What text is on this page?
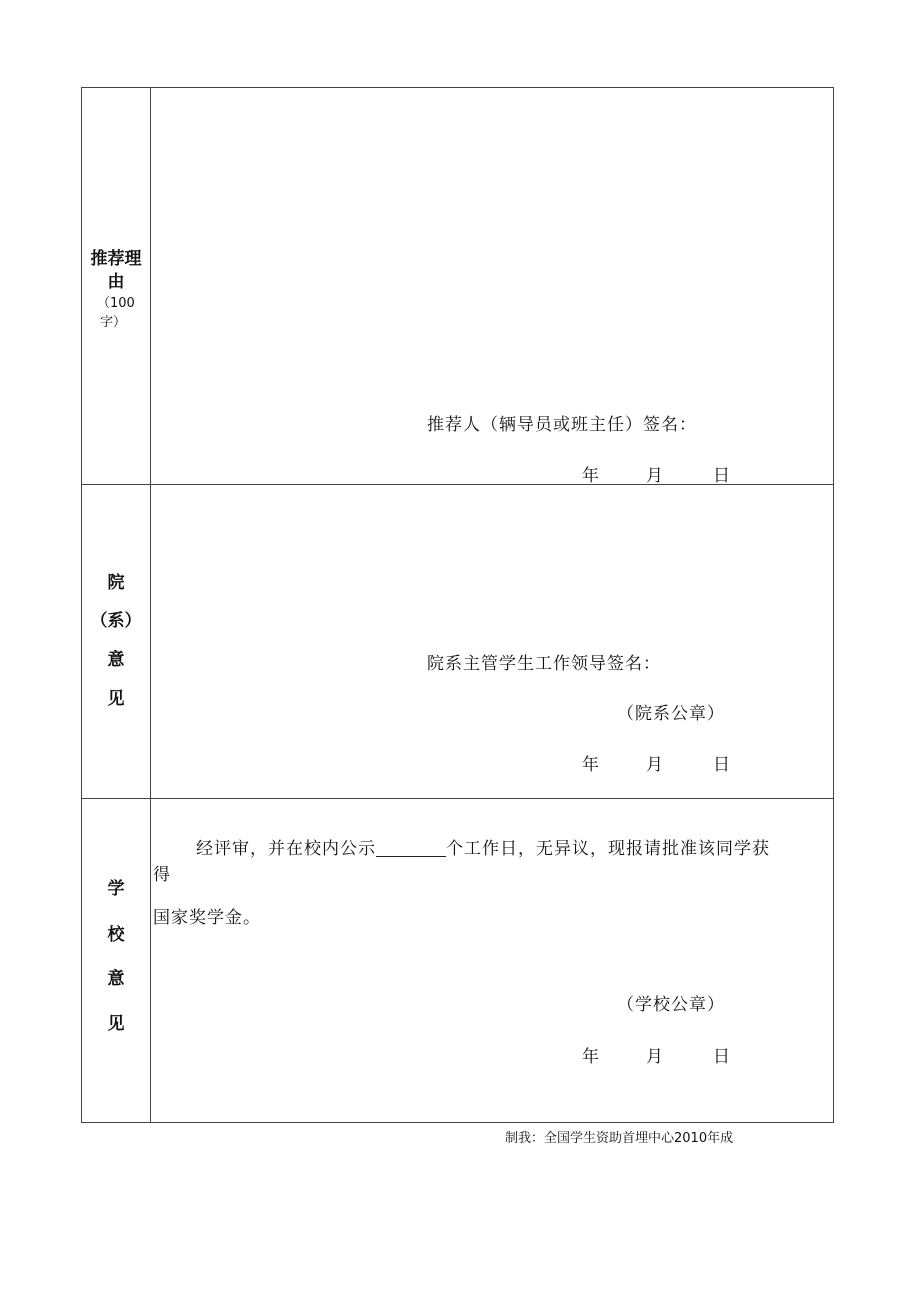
推荐理
由
（100
字）
推荐人（辆导员或班主任）签名：
年	月	日
院
（系）
意
见
院系主管学生工作领导签名：
（院系公章）
年	月	日
学
校
意
见
经评审，并在校内公示	个工作日，无异议，现报请批准该同学获
得
国家奖学金。
（学校公章）
年	月	日
制我：全国学生资助首埋中心2010年成
